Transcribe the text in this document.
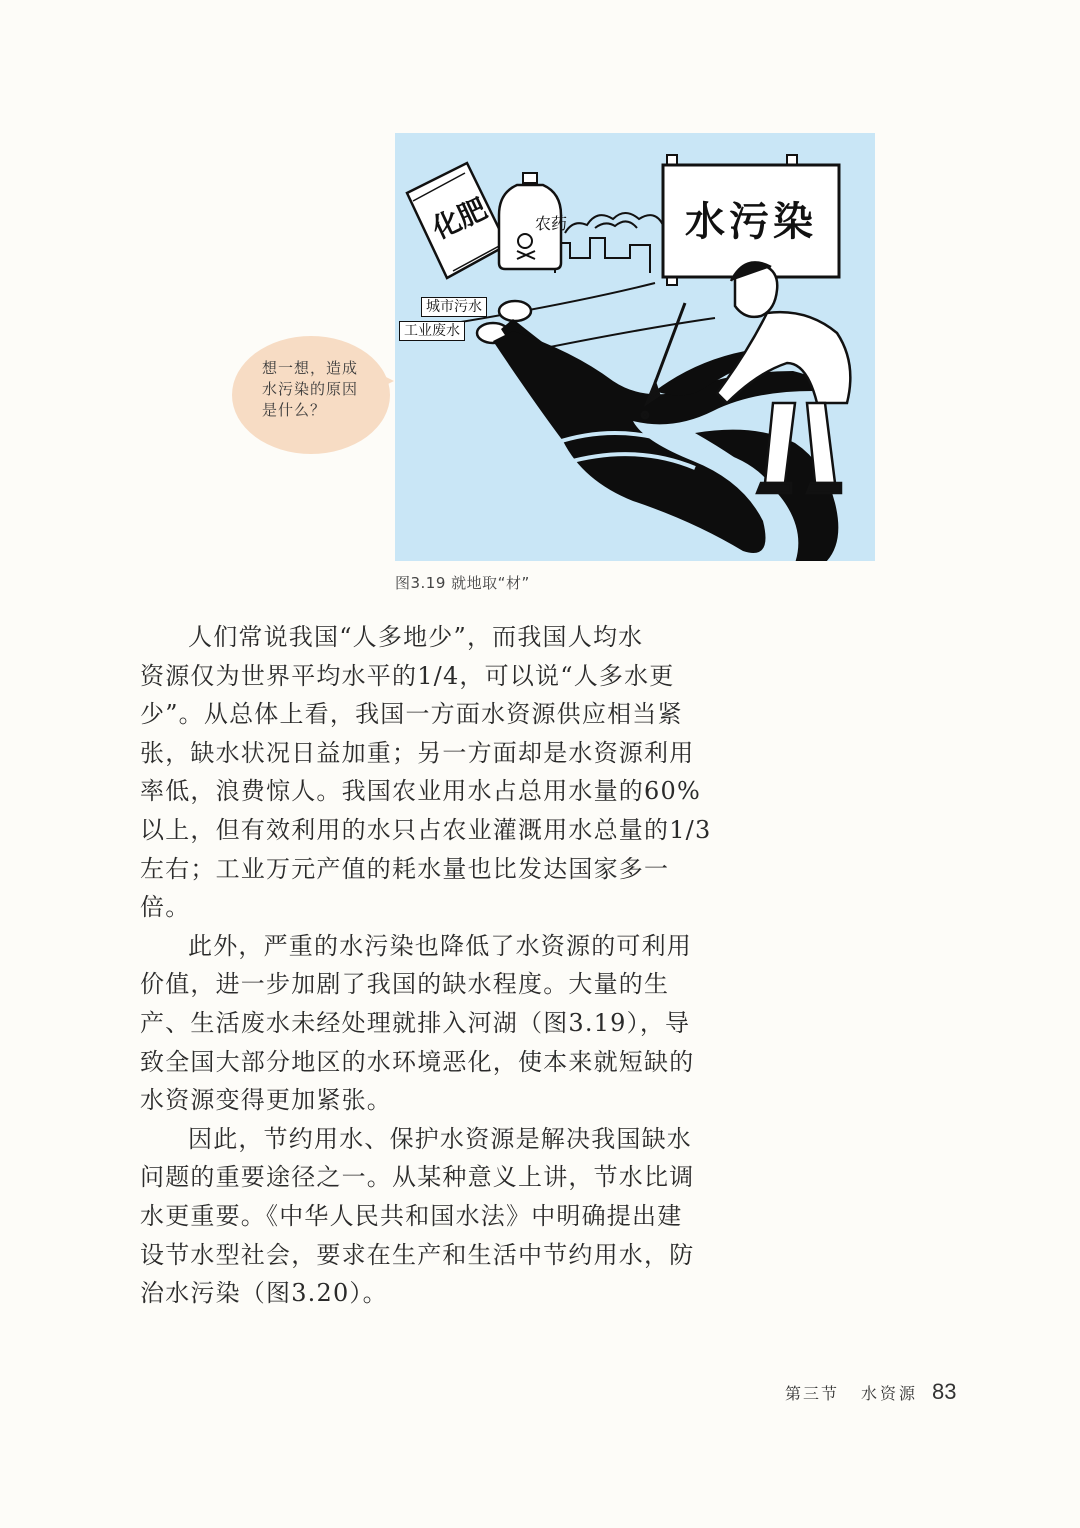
化肥	农药	水污染
城市污水
工业废水
图3.19 就地取“材”
想一想，造成
水污染的原因
是什么？

人们常说我国“人多地少”，而我国人均水
资源仅为世界平均水平的1/4，可以说“人多水更
少”。从总体上看，我国一方面水资源供应相当紧
张，缺水状况日益加重；另一方面却是水资源利用
率低，浪费惊人。我国农业用水占总用水量的60%
以上，但有效利用的水只占农业灌溉用水总量的1/3
左右；工业万元产值的耗水量也比发达国家多一
倍。

此外，严重的水污染也降低了水资源的可利用
价值，进一步加剧了我国的缺水程度。大量的生
产、生活废水未经处理就排入河湖（图3.19），导
致全国大部分地区的水环境恶化，使本来就短缺的
水资源变得更加紧张。

因此，节约用水、保护水资源是解决我国缺水
问题的重要途径之一。从某种意义上讲，节水比调
水更重要。《中华人民共和国水法》中明确提出建
设节水型社会，要求在生产和生活中节约用水，防
治水污染（图3.20）。

第三节 水资源 83
